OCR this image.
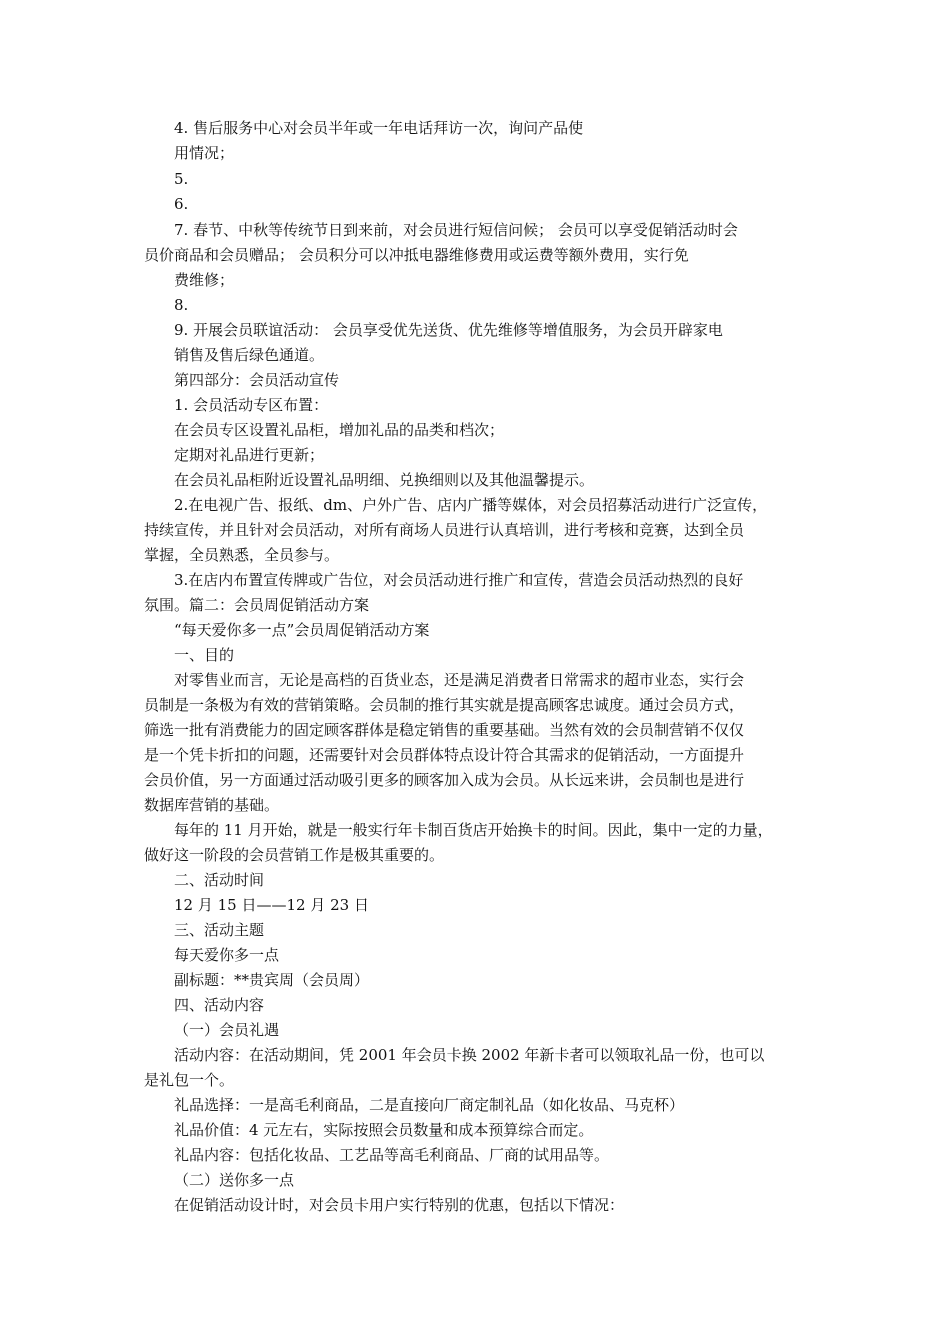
4. 售后服务中心对会员半年或一年电话拜访一次，询问产品使
用情况；
5.
6.
7. 春节、中秋等传统节日到来前，对会员进行短信问候； 会员可以享受促销活动时会
员价商品和会员赠品； 会员积分可以冲抵电器维修费用或运费等额外费用，实行免
费维修；
8.
9. 开展会员联谊活动： 会员享受优先送货、优先维修等增值服务，为会员开辟家电
销售及售后绿色通道。
第四部分：会员活动宣传
1. 会员活动专区布置：
在会员专区设置礼品柜，增加礼品的品类和档次；
定期对礼品进行更新；
在会员礼品柜附近设置礼品明细、兑换细则以及其他温馨提示。
2.在电视广告、报纸、dm、户外广告、店内广播等媒体，对会员招募活动进行广泛宣传，
持续宣传，并且针对会员活动，对所有商场人员进行认真培训，进行考核和竞赛，达到全员
掌握，全员熟悉，全员参与。
3.在店内布置宣传牌或广告位，对会员活动进行推广和宣传，营造会员活动热烈的良好
氛围。篇二：会员周促销活动方案
“每天爱你多一点”会员周促销活动方案
一、目的
对零售业而言，无论是高档的百货业态，还是满足消费者日常需求的超市业态，实行会
员制是一条极为有效的营销策略。会员制的推行其实就是提高顾客忠诚度。通过会员方式，
筛选一批有消费能力的固定顾客群体是稳定销售的重要基础。当然有效的会员制营销不仅仅
是一个凭卡折扣的问题，还需要针对会员群体特点设计符合其需求的促销活动，一方面提升
会员价值，另一方面通过活动吸引更多的顾客加入成为会员。从长远来讲，会员制也是进行
数据库营销的基础。
每年的 11 月开始，就是一般实行年卡制百货店开始换卡的时间。因此，集中一定的力量，
做好这一阶段的会员营销工作是极其重要的。
二、活动时间
12 月 15 日——12 月 23 日
三、活动主题
每天爱你多一点
副标题：**贵宾周（会员周）
四、活动内容
（一）会员礼遇
活动内容：在活动期间，凭 2001 年会员卡换 2002 年新卡者可以领取礼品一份，也可以
是礼包一个。
礼品选择：一是高毛利商品，二是直接向厂商定制礼品（如化妆品、马克杯）
礼品价值：4 元左右，实际按照会员数量和成本预算综合而定。
礼品内容：包括化妆品、工艺品等高毛利商品、厂商的试用品等。
（二）送你多一点
在促销活动设计时，对会员卡用户实行特别的优惠，包括以下情况：
